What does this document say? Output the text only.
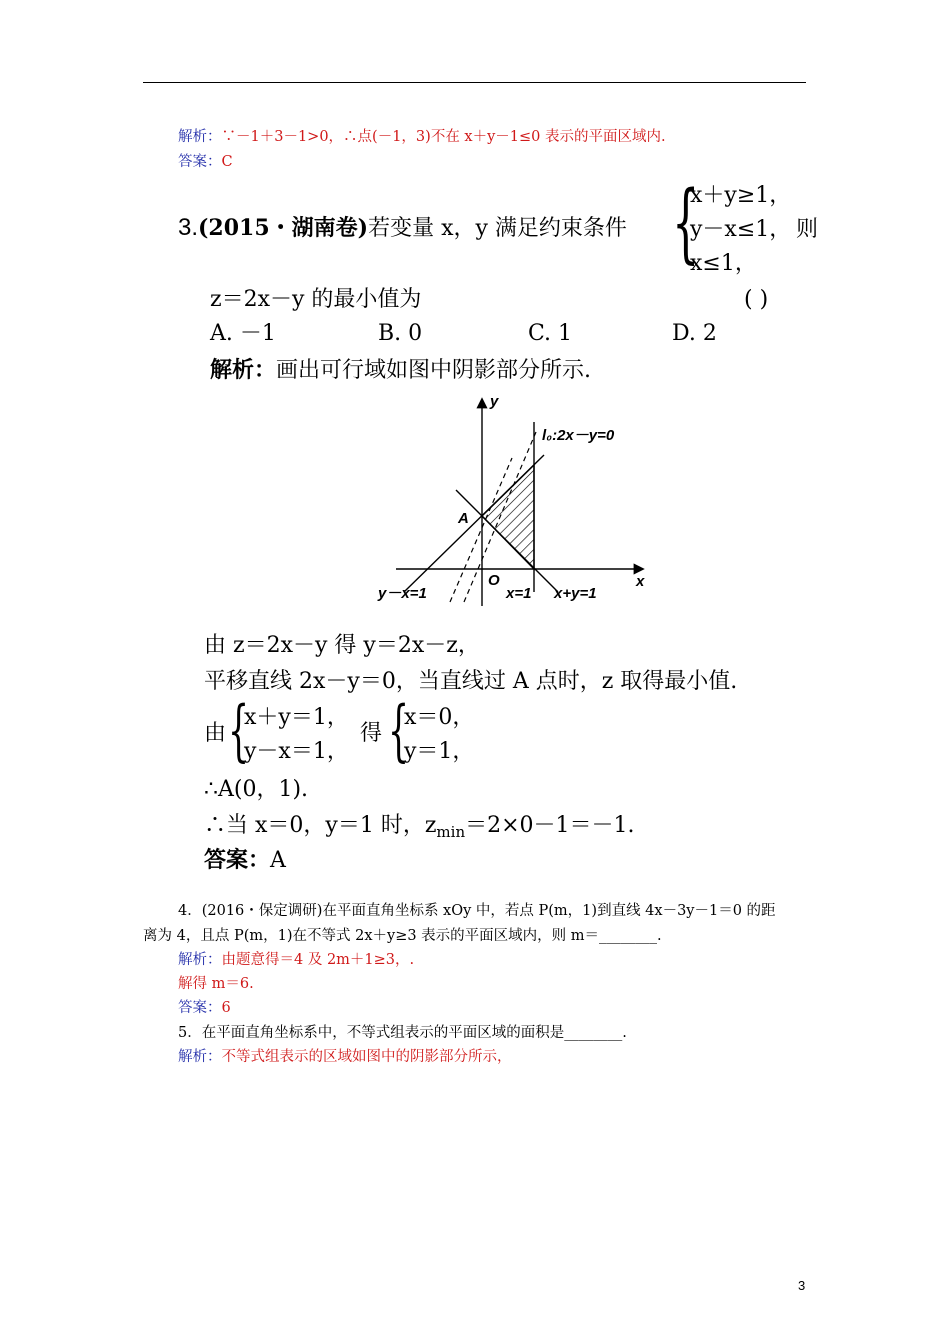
解析：∵－1＋3－1>0，∴点(－1，3)不在 x＋y－1≤0 表示的平面区域内.
答案：C
3.(2015・湖南卷)若变量 x，y 满足约束条件 {
x＋y≥1，
y－x≤1，
x≤1，
则
z＝2x－y 的最小值为	( )
A. －1	B. 0	C. 1	D. 2
解析：画出可行域如图中阴影部分所示.
y
x
O
A
l₀:2x－y=0
y－x=1	x=1 x+y=1
由 z＝2x－y 得 y＝2x－z，
平移直线 2x－y＝0，当直线过 A 点时，z 取得最小值.
由 {
x＋y＝1，
y－x＝1，
得 {
x＝0，
y＝1，
∴A(0，1).
∴当 x＝0，y＝1 时，$z_{min}=2\times 0-1=-1$.
答案：A
4．(2016・保定调研)在平面直角坐标系 xOy 中，若点 P(m，1)到直线 4x－3y－1＝0 的距
离为 4，且点 P(m，1)在不等式 2x＋y≥3 表示的平面区域内，则 m＝________.
解析：由题意得＝4 及 2m＋1≥3，.
解得 m＝6.
答案：6
5．在平面直角坐标系中，不等式组表示的平面区域的面积是________.
解析：不等式组表示的区域如图中的阴影部分所示，
3
